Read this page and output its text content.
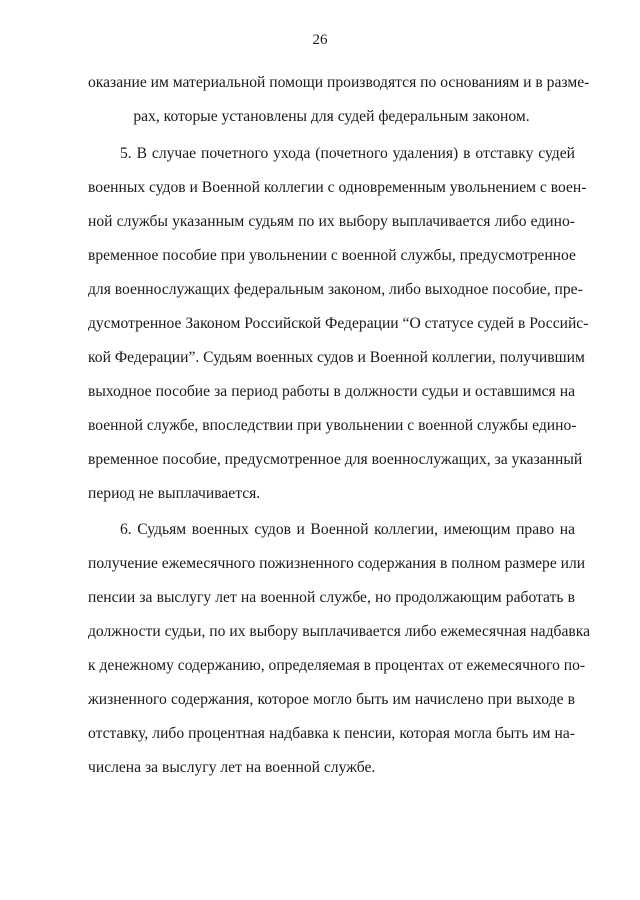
26
оказание им материальной помощи производятся по основаниям и в разме-
рах, которые установлены для судей федеральным законом.
5. В случае почетного ухода (почетного удаления) в отставку судей
военных судов и Военной коллегии с одновременным увольнением с воен-
ной службы указанным судьям по их выбору выплачивается либо едино-
временное пособие при увольнении с военной службы, предусмотренное
для военнослужащих федеральным законом, либо выходное пособие, пре-
дусмотренное Законом Российской Федерации “О статусе судей в Российс-
кой Федерации”. Судьям военных судов и Военной коллегии, получившим
выходное пособие за период работы в должности судьи и оставшимся на
военной службе, впоследствии при увольнении с военной службы едино-
временное пособие, предусмотренное для военнослужащих, за указанный
период не выплачивается.
6. Судьям военных судов и Военной коллегии, имеющим право на
получение ежемесячного пожизненного содержания в полном размере или
пенсии за выслугу лет на военной службе, но продолжающим работать в
должности судьи, по их выбору выплачивается либо ежемесячная надбавка
к денежному содержанию, определяемая в процентах от ежемесячного по-
жизненного содержания, которое могло быть им начислено при выходе в
отставку, либо процентная надбавка к пенсии, которая могла быть им на-
числена за выслугу лет на военной службе.
